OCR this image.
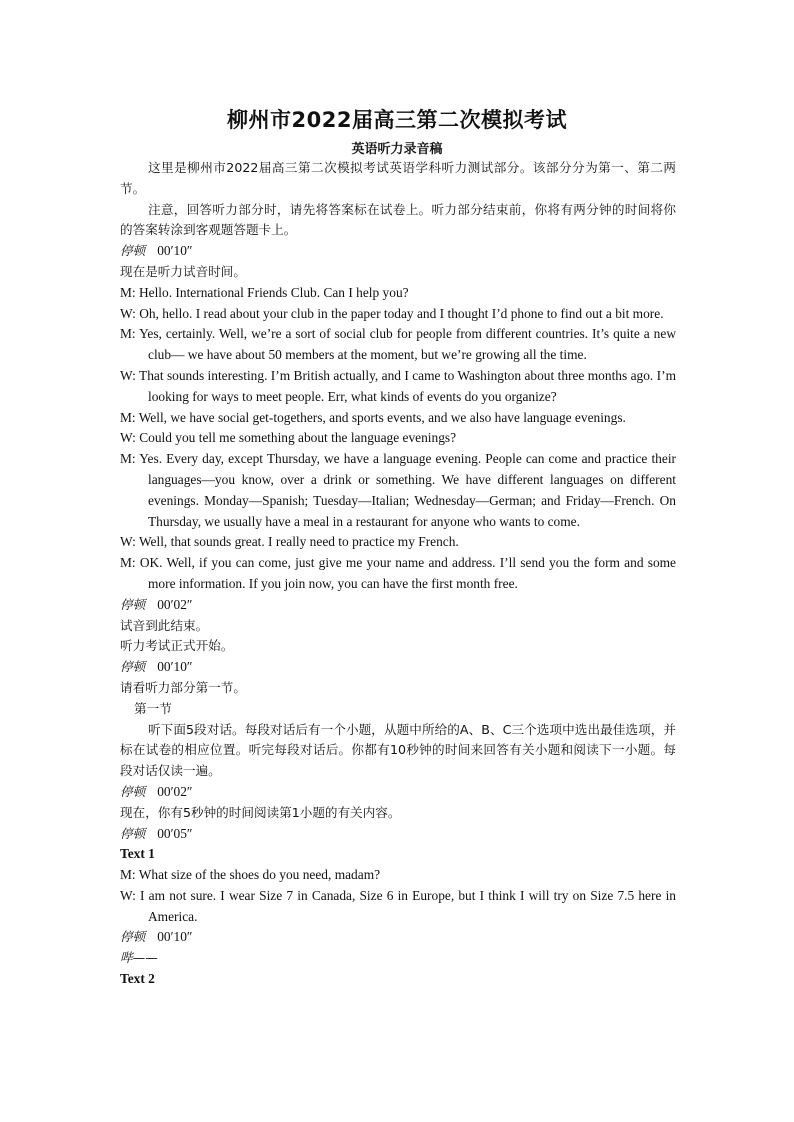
柳州市2022届高三第二次模拟考试
英语听力录音稿

这里是柳州市2022届高三第二次模拟考试英语学科听力测试部分。该部分分为第一、第二两节。

注意，回答听力部分时，请先将答案标在试卷上。听力部分结束前，你将有两分钟的时间将你的答案转涂到客观题答题卡上。

停顿 00′10″

现在是听力试音时间。

M: Hello. International Friends Club. Can I help you?

W: Oh, hello. I read about your club in the paper today and I thought I’d phone to find out a bit more.

M: Yes, certainly. Well, we’re a sort of social club for people from different countries. It’s quite a new club— we have about 50 members at the moment, but we’re growing all the time.

W: That sounds interesting. I’m British actually, and I came to Washington about three months ago. I’m looking for ways to meet people. Err, what kinds of events do you organize?

M: Well, we have social get-togethers, and sports events, and we also have language evenings.

W: Could you tell me something about the language evenings?

M: Yes. Every day, except Thursday, we have a language evening. People can come and practice their languages—you know, over a drink or something. We have different languages on different evenings. Monday—Spanish; Tuesday—Italian; Wednesday—German; and Friday—French. On Thursday, we usually have a meal in a restaurant for anyone who wants to come.

W: Well, that sounds great. I really need to practice my French.

M: OK. Well, if you can come, just give me your name and address. I’ll send you the form and some more information. If you join now, you can have the first month free.

停顿 00′02″

试音到此结束。

听力考试正式开始。

停顿 00′10″

请看听力部分第一节。

第一节

听下面5段对话。每段对话后有一个小题，从题中所给的A、B、C三个选项中选出最佳选项，并标在试卷的相应位置。听完每段对话后。你都有10秒钟的时间来回答有关小题和阅读下一小题。每段对话仅读一遍。

停顿 00′02″

现在，你有5秒钟的时间阅读第1小题的有关内容。

停顿 00′05″

Text 1

M: What size of the shoes do you need, madam?

W: I am not sure. I wear Size 7 in Canada, Size 6 in Europe, but I think I will try on Size 7.5 here in America.

停顿 00′10″

哔——

Text 2
